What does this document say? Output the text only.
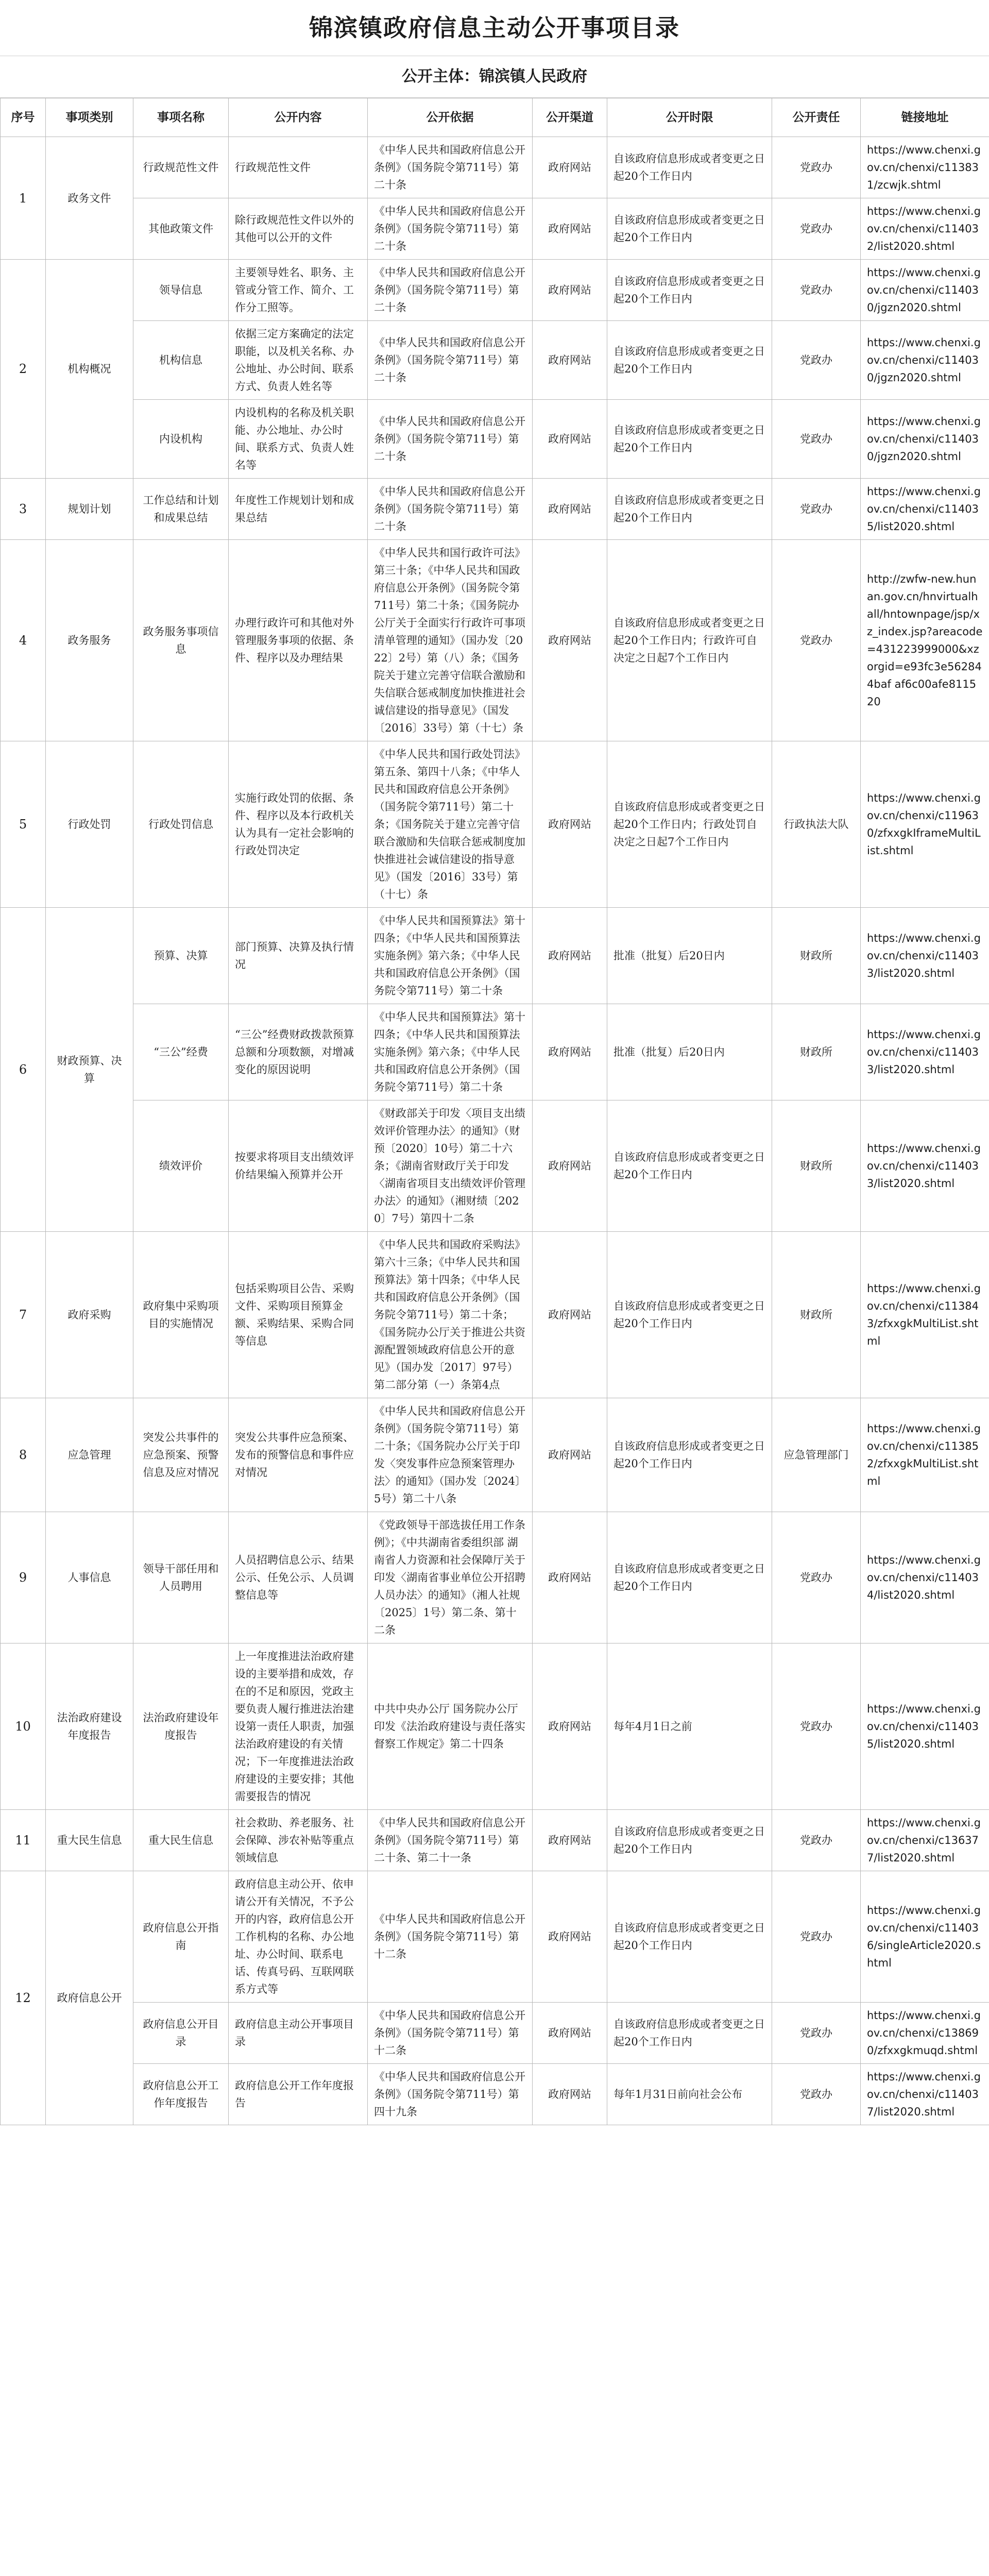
锦滨镇政府信息主动公开事项目录
公开主体：锦滨镇人民政府
序号	事项类别	事项名称	公开内容	公开依据	公开渠道	公开时限	公开责任	链接地址
1	政务文件	行政规范性文件	行政规范性文件	《中华人民共和国政府信息公开条例》（国务院令第711号）第二十条	政府网站	自该政府信息形成或者变更之日起20个工作日内	党政办	https://www.chenxi.gov.cn/chenxi/c113831/zcwjk.shtml
		其他政策文件	除行政规范性文件以外的其他可以公开的文件	《中华人民共和国政府信息公开条例》（国务院令第711号）第二十条	政府网站	自该政府信息形成或者变更之日起20个工作日内	党政办	https://www.chenxi.gov.cn/chenxi/c114032/list2020.shtml
2	机构概况	领导信息	主要领导姓名、职务、主管或分管工作、简介、工作分工照等。	《中华人民共和国政府信息公开条例》（国务院令第711号）第二十条	政府网站	自该政府信息形成或者变更之日起20个工作日内	党政办	https://www.chenxi.gov.cn/chenxi/c114030/jgzn2020.shtml
		机构信息	依据三定方案确定的法定职能，以及机关名称、办公地址、办公时间、联系方式、负责人姓名等	《中华人民共和国政府信息公开条例》（国务院令第711号）第二十条	政府网站	自该政府信息形成或者变更之日起20个工作日内	党政办	https://www.chenxi.gov.cn/chenxi/c114030/jgzn2020.shtml
		内设机构	内设机构的名称及机关职能、办公地址、办公时间、联系方式、负责人姓名等	《中华人民共和国政府信息公开条例》（国务院令第711号）第二十条	政府网站	自该政府信息形成或者变更之日起20个工作日内	党政办	https://www.chenxi.gov.cn/chenxi/c114030/jgzn2020.shtml
3	规划计划	工作总结和计划和成果总结	年度性工作规划计划和成果总结	《中华人民共和国政府信息公开条例》（国务院令第711号）第二十条	政府网站	自该政府信息形成或者变更之日起20个工作日内	党政办	https://www.chenxi.gov.cn/chenxi/c114035/list2020.shtml
4	政务服务	政务服务事项信息	办理行政许可和其他对外管理服务事项的依据、条件、程序以及办理结果	《中华人民共和国行政许可法》第三十条；《中华人民共和国政府信息公开条例》（国务院令第711号）第二十条；《国务院办公厅关于全面实行行政许可事项清单管理的通知》（国办发〔2022〕2号）第（八）条；《国务院关于建立完善守信联合激励和失信联合惩戒制度加快推进社会诚信建设的指导意见》（国发〔2016〕33号）第（十七）条	政府网站	自该政府信息形成或者变更之日起20个工作日内；行政许可自决定之日起7个工作日内	党政办	http://zwfw-new.hunan.gov.cn/hnvirtualhall/hntownpage/jsp/xz_index.jsp?areacode=431223999000&xzorgid=e93fc3e562844baf af6c00afe8115 20
5	行政处罚	行政处罚信息	实施行政处罚的依据、条件、程序以及本行政机关认为具有一定社会影响的行政处罚决定	《中华人民共和国行政处罚法》第五条、第四十八条；《中华人民共和国政府信息公开条例》（国务院令第711号）第二十条；《国务院关于建立完善守信联合激励和失信联合惩戒制度加快推进社会诚信建设的指导意见》（国发〔2016〕33号）第（十七）条	政府网站	自该政府信息形成或者变更之日起20个工作日内；行政处罚自决定之日起7个工作日内	行政执法大队	https://www.chenxi.gov.cn/chenxi/c119630/zfxxgkIframeMultiList.shtml
6	财政预算、决算	预算、决算	部门预算、决算及执行情况	《中华人民共和国预算法》第十四条；《中华人民共和国预算法实施条例》第六条；《中华人民共和国政府信息公开条例》（国务院令第711号）第二十条	政府网站	批准（批复）后20日内	财政所	https://www.chenxi.gov.cn/chenxi/c114033/list2020.shtml
		“三公”经费	“三公”经费财政拨款预算总额和分项数额，对增减变化的原因说明	《中华人民共和国预算法》第十四条；《中华人民共和国预算法实施条例》第六条；《中华人民共和国政府信息公开条例》（国务院令第711号）第二十条	政府网站	批准（批复）后20日内	财政所	https://www.chenxi.gov.cn/chenxi/c114033/list2020.shtml
		绩效评价	按要求将项目支出绩效评价结果编入预算并公开	《财政部关于印发〈项目支出绩效评价管理办法〉的通知》（财预〔2020〕10号）第二十六条；《湖南省财政厅关于印发〈湖南省项目支出绩效评价管理办法〉的通知》（湘财绩〔2020〕7号）第四十二条	政府网站	自该政府信息形成或者变更之日起20个工作日内	财政所	https://www.chenxi.gov.cn/chenxi/c114033/list2020.shtml
7	政府采购	政府集中采购项目的实施情况	包括采购项目公告、采购文件、采购项目预算金额、采购结果、采购合同等信息	《中华人民共和国政府采购法》第六十三条；《中华人民共和国预算法》第十四条；《中华人民共和国政府信息公开条例》（国务院令第711号）第二十条；《国务院办公厅关于推进公共资源配置领域政府信息公开的意见》（国办发〔2017〕97号）第二部分第（一）条第4点	政府网站	自该政府信息形成或者变更之日起20个工作日内	财政所	https://www.chenxi.gov.cn/chenxi/c113843/zfxxgkMultiList.shtml
8	应急管理	突发公共事件的应急预案、预警信息及应对情况	突发公共事件应急预案、发布的预警信息和事件应对情况	《中华人民共和国政府信息公开条例》（国务院令第711号）第二十条；《国务院办公厅关于印发〈突发事件应急预案管理办法〉的通知》（国办发〔2024〕5号）第二十八条	政府网站	自该政府信息形成或者变更之日起20个工作日内	应急管理部门	https://www.chenxi.gov.cn/chenxi/c113852/zfxxgkMultiList.shtml
9	人事信息	领导干部任用和人员聘用	人员招聘信息公示、结果公示、任免公示、人员调整信息等	《党政领导干部选拔任用工作条例》；《中共湖南省委组织部 湖南省人力资源和社会保障厅关于印发〈湖南省事业单位公开招聘人员办法〉的通知》（湘人社规〔2025〕1号）第二条、第十二条	政府网站	自该政府信息形成或者变更之日起20个工作日内	党政办	https://www.chenxi.gov.cn/chenxi/c114034/list2020.shtml
10	法治政府建设年度报告	法治政府建设年度报告	上一年度推进法治政府建设的主要举措和成效，存在的不足和原因，党政主要负责人履行推进法治建设第一责任人职责，加强法治政府建设的有关情况；下一年度推进法治政府建设的主要安排；其他需要报告的情况	中共中央办公厅 国务院办公厅印发《法治政府建设与责任落实督察工作规定》第二十四条	政府网站	每年4月1日之前	党政办	https://www.chenxi.gov.cn/chenxi/c114035/list2020.shtml
11	重大民生信息	重大民生信息	社会救助、养老服务、社会保障、涉农补贴等重点领域信息	《中华人民共和国政府信息公开条例》（国务院令第711号）第二十条、第二十一条	政府网站	自该政府信息形成或者变更之日起20个工作日内	党政办	https://www.chenxi.gov.cn/chenxi/c136377/list2020.shtml
12	政府信息公开	政府信息公开指南	政府信息主动公开、依申请公开有关情况，不予公开的内容，政府信息公开工作机构的名称、办公地址、办公时间、联系电话、传真号码、互联网联系方式等	《中华人民共和国政府信息公开条例》（国务院令第711号）第十二条	政府网站	自该政府信息形成或者变更之日起20个工作日内	党政办	https://www.chenxi.gov.cn/chenxi/c114036/singleArticle2020.shtml
		政府信息公开目录	政府信息主动公开事项目录	《中华人民共和国政府信息公开条例》（国务院令第711号）第十二条	政府网站	自该政府信息形成或者变更之日起20个工作日内	党政办	https://www.chenxi.gov.cn/chenxi/c138690/zfxxgkmuqd.shtml
		政府信息公开工作年度报告	政府信息公开工作年度报告	《中华人民共和国政府信息公开条例》（国务院令第711号）第四十九条	政府网站	每年1月31日前向社会公布	党政办	https://www.chenxi.gov.cn/chenxi/c114037/list2020.shtml
